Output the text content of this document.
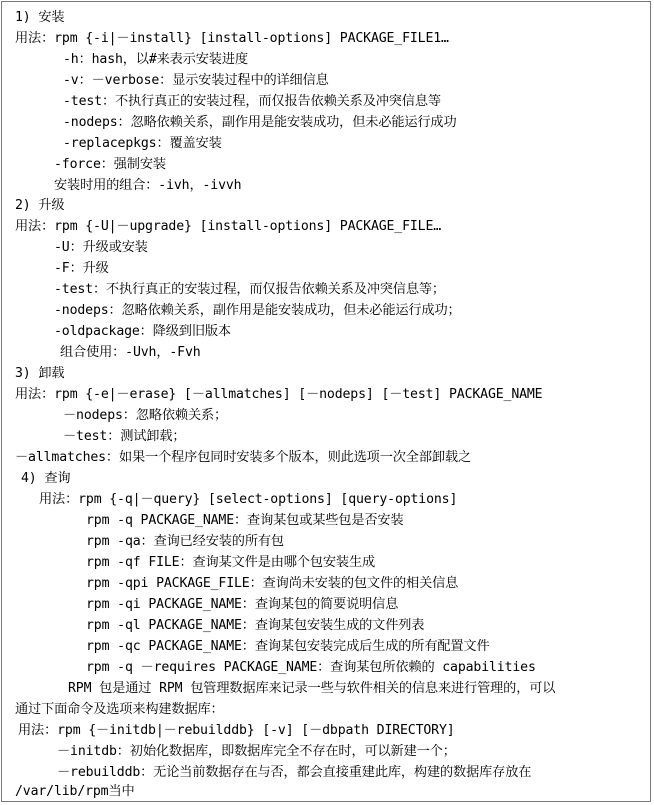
1) 安装
用法：rpm {-i|－install} [install-options] PACKAGE_FILE1…
-h：hash，以#来表示安装进度
-v：－verbose：显示安装过程中的详细信息
-test：不执行真正的安装过程，而仅报告依赖关系及冲突信息等
-nodeps：忽略依赖关系，副作用是能安装成功，但未必能运行成功
-replacepkgs：覆盖安装
-force：强制安装
安装时用的组合：-ivh，-ivvh
2) 升级
用法：rpm {-U|－upgrade} [install-options] PACKAGE_FILE…
-U：升级或安装
-F：升级
-test：不执行真正的安装过程，而仅报告依赖关系及冲突信息等；
-nodeps：忽略依赖关系，副作用是能安装成功，但未必能运行成功；
-oldpackage：降级到旧版本
组合使用：-Uvh，-Fvh
3) 卸载
用法：rpm {-e|－erase} [－allmatches] [－nodeps] [－test] PACKAGE_NAME
－nodeps：忽略依赖关系；
－test：测试卸载；
－allmatches：如果一个程序包同时安装多个版本，则此选项一次全部卸载之
4) 查询
用法：rpm {-q|－query} [select-options] [query-options]
rpm -q PACKAGE_NAME：查询某包或某些包是否安装
rpm -qa：查询已经安装的所有包
rpm -qf FILE：查询某文件是由哪个包安装生成
rpm -qpi PACKAGE_FILE：查询尚未安装的包文件的相关信息
rpm -qi PACKAGE_NAME：查询某包的简要说明信息
rpm -ql PACKAGE_NAME：查询某包安装生成的文件列表
rpm -qc PACKAGE_NAME：查询某包安装完成后生成的所有配置文件
rpm -q －requires PACKAGE_NAME：查询某包所依赖的 capabilities
RPM 包是通过 RPM 包管理数据库来记录一些与软件相关的信息来进行管理的，可以
通过下面命令及选项来构建数据库：
用法：rpm {－initdb|－rebuilddb} [-v] [－dbpath DIRECTORY]
－initdb：初始化数据库，即数据库完全不存在时，可以新建一个；
－rebuilddb：无论当前数据存在与否，都会直接重建此库，构建的数据库存放在
/var/lib/rpm当中
